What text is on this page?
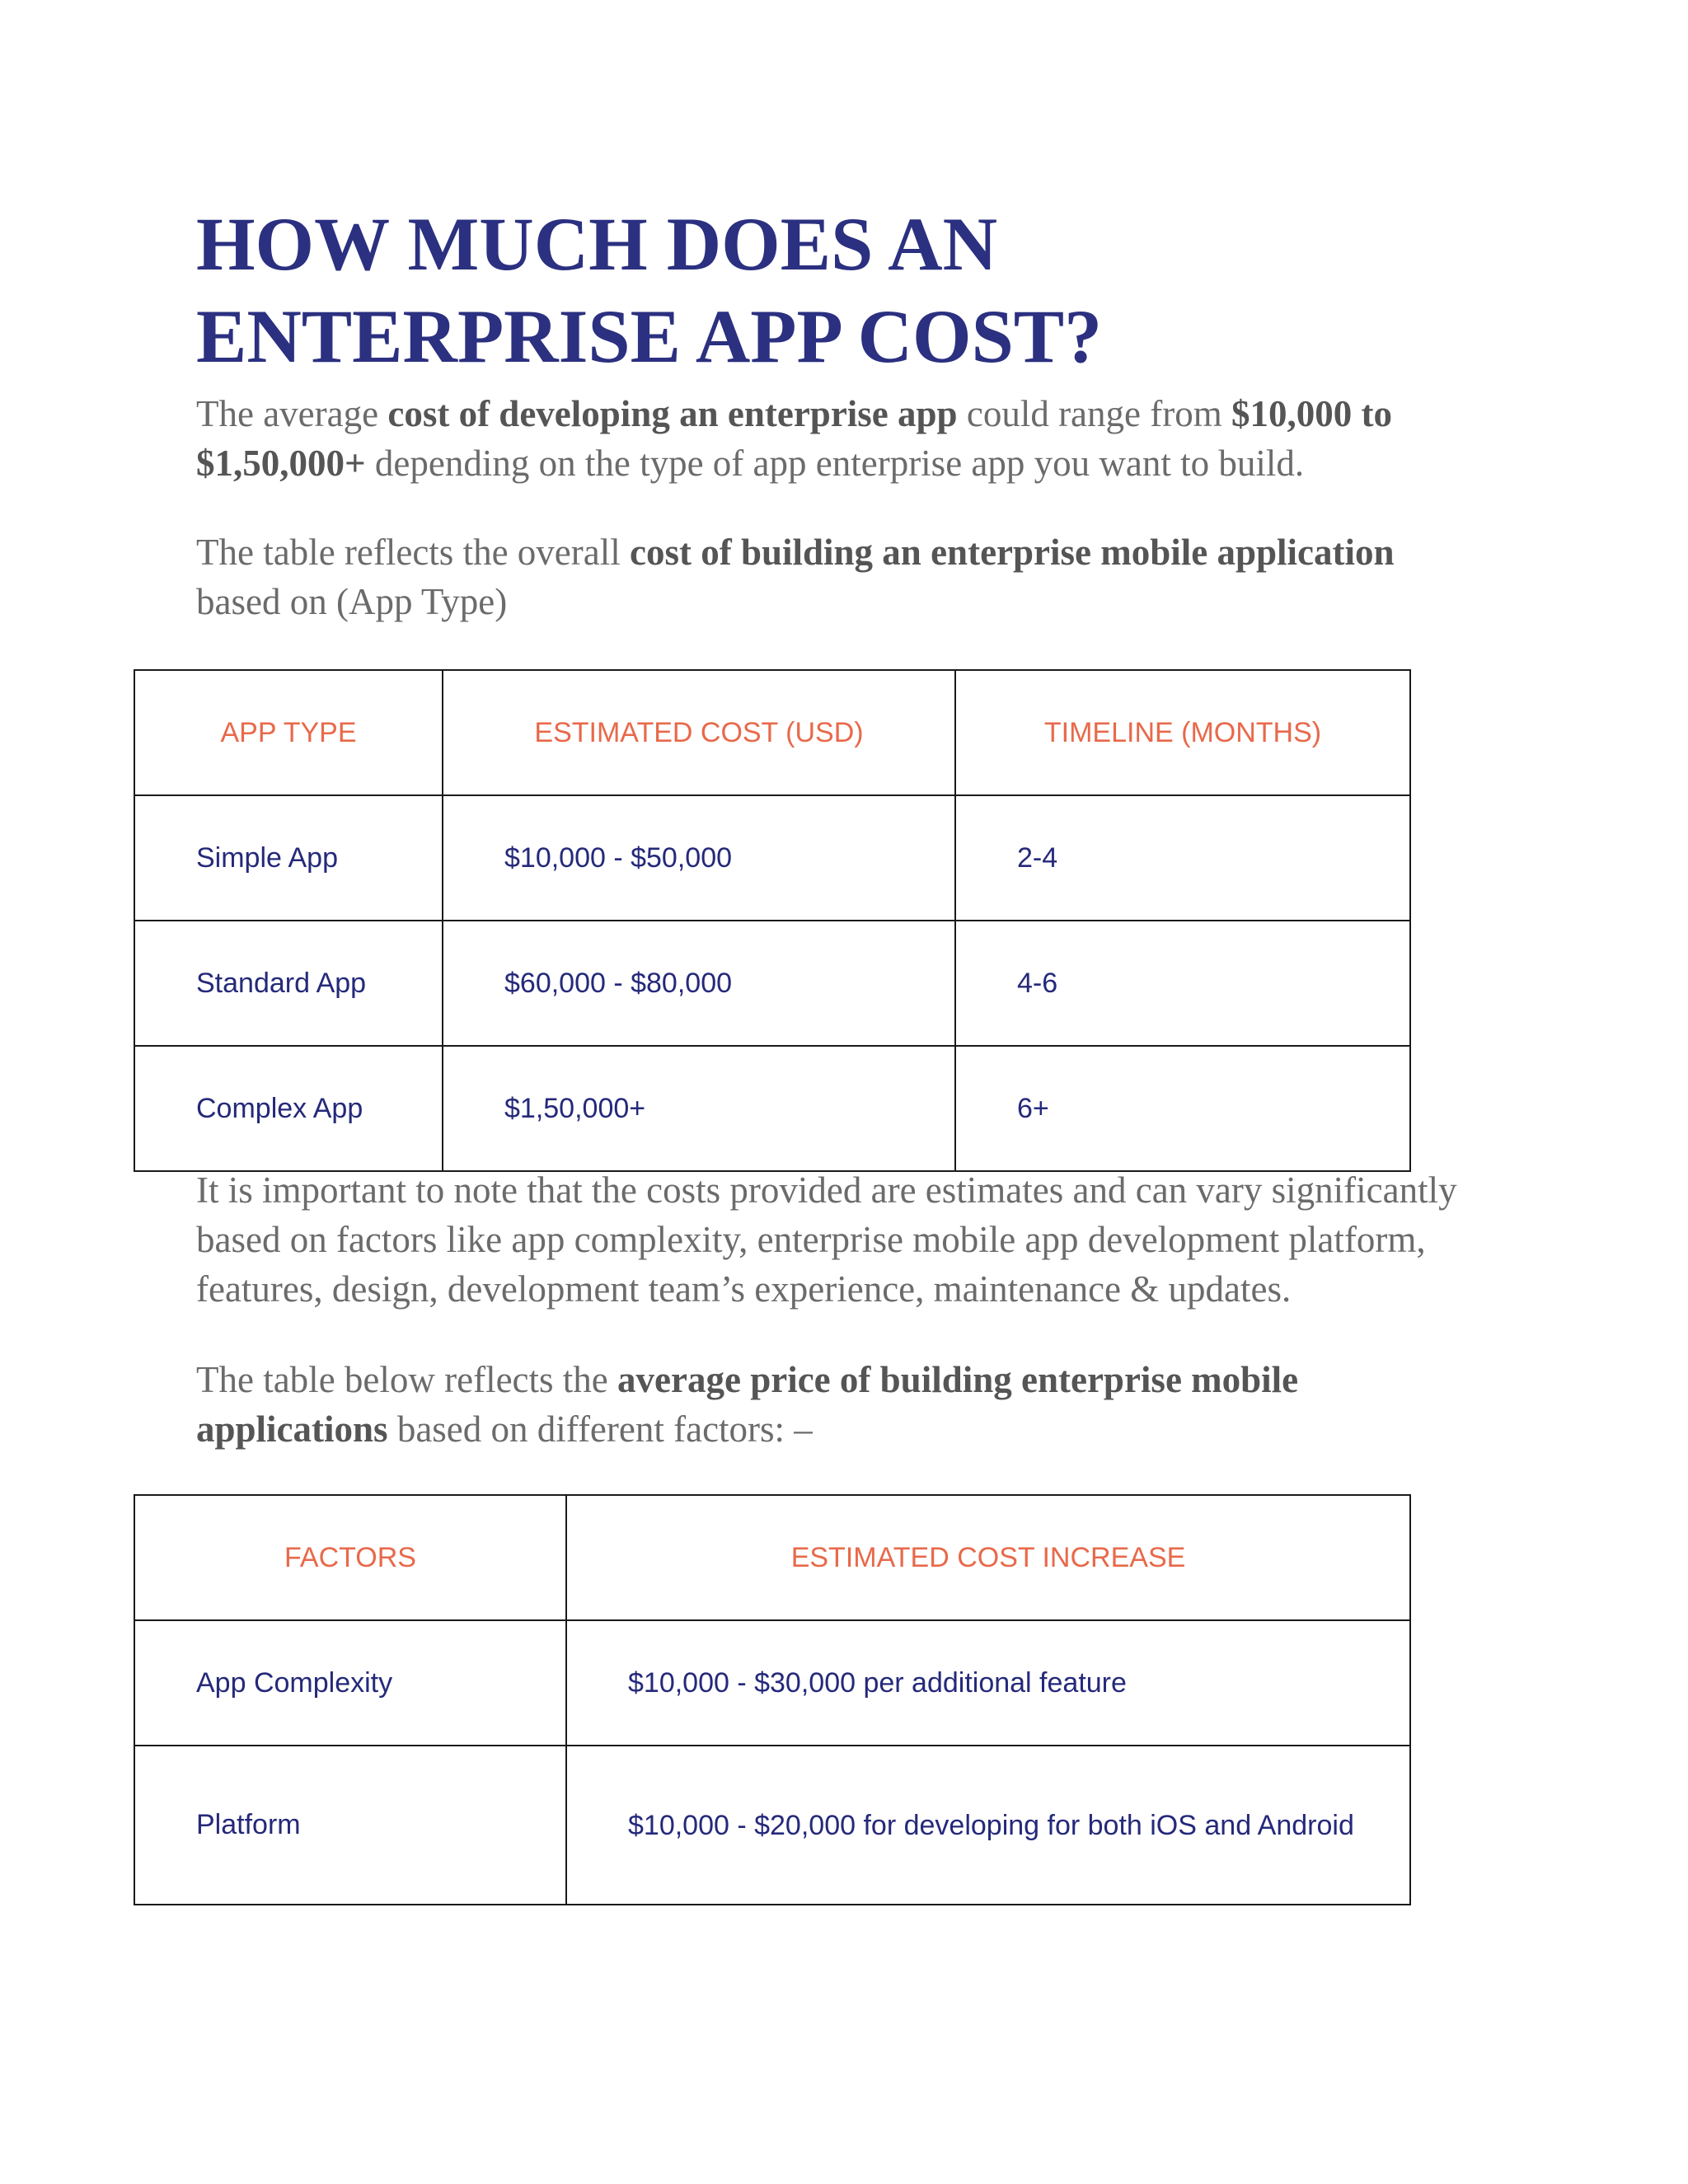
HOW MUCH DOES AN ENTERPRISE APP COST?

The average cost of developing an enterprise app could range from $10,000 to $1,50,000+ depending on the type of app enterprise app you want to build.

The table reflects the overall cost of building an enterprise mobile application based on (App Type)

APP TYPE	ESTIMATED COST (USD)	TIMELINE (MONTHS)
Simple App	$10,000 - $50,000	2-4
Standard App	$60,000 - $80,000	4-6
Complex App	$1,50,000+	6+

It is important to note that the costs provided are estimates and can vary significantly based on factors like app complexity, enterprise mobile app development platform, features, design, development team’s experience, maintenance & updates.

The table below reflects the average price of building enterprise mobile applications based on different factors: –

FACTORS	ESTIMATED COST INCREASE
App Complexity	$10,000 - $30,000 per additional feature
Platform	$10,000 - $20,000 for developing for both iOS and Android
